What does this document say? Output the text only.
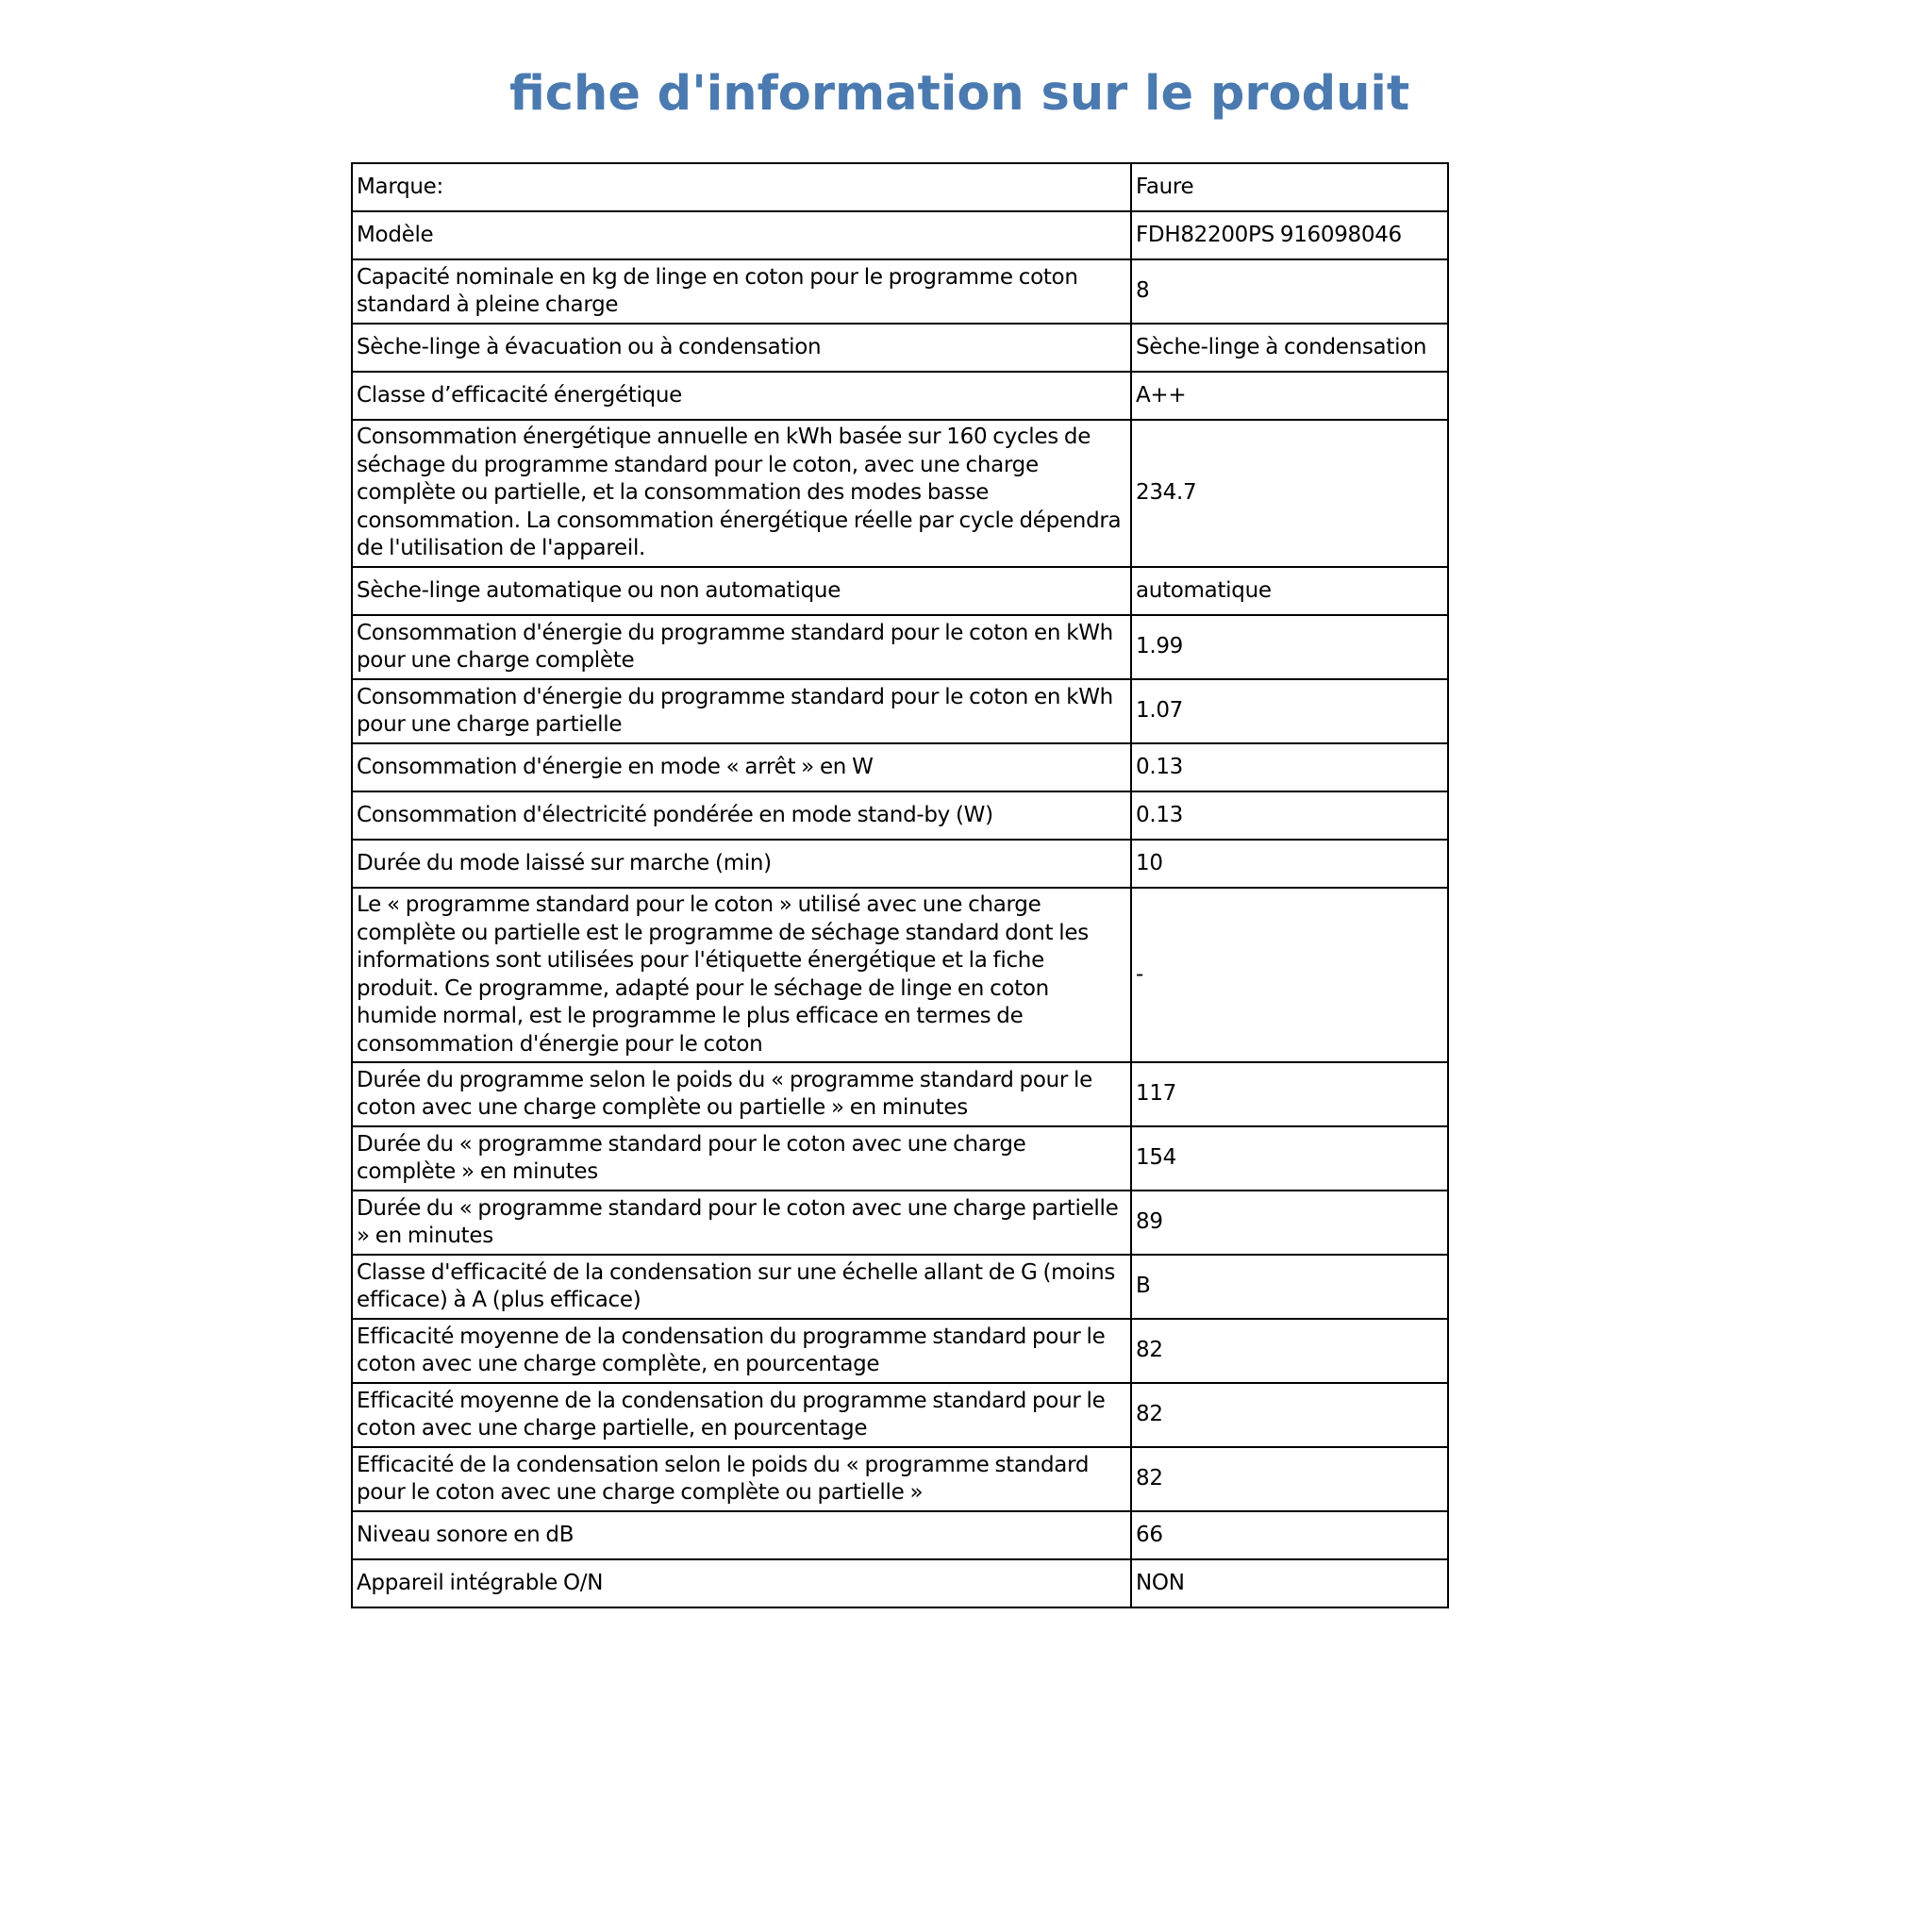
fiche d'information sur le produit
Marque:	Faure
Modèle	FDH82200PS 916098046
Capacité nominale en kg de linge en coton pour le programme coton standard à pleine charge	8
Sèche-linge à évacuation ou à condensation	Sèche-linge à condensation
Classe d’efficacité énergétique	A++
Consommation énergétique annuelle en kWh basée sur 160 cycles de séchage du programme standard pour le coton, avec une charge complète ou partielle, et la consommation des modes basse consommation. La consommation énergétique réelle par cycle dépendra de l'utilisation de l'appareil.	234.7
Sèche-linge automatique ou non automatique	automatique
Consommation d'énergie du programme standard pour le coton en kWh pour une charge complète	1.99
Consommation d'énergie du programme standard pour le coton en kWh pour une charge partielle	1.07
Consommation d'énergie en mode « arrêt » en W	0.13
Consommation d'électricité pondérée en mode stand-by (W)	0.13
Durée du mode laissé sur marche (min)	10
Le « programme standard pour le coton » utilisé avec une charge complète ou partielle est le programme de séchage standard dont les informations sont utilisées pour l'étiquette énergétique et la fiche produit. Ce programme, adapté pour le séchage de linge en coton humide normal, est le programme le plus efficace en termes de consommation d'énergie pour le coton	-
Durée du programme selon le poids du « programme standard pour le coton avec une charge complète ou partielle » en minutes	117
Durée du « programme standard pour le coton avec une charge complète » en minutes	154
Durée du « programme standard pour le coton avec une charge partielle » en minutes	89
Classe d'efficacité de la condensation sur une échelle allant de G (moins efficace) à A (plus efficace)	B
Efficacité moyenne de la condensation du programme standard pour le coton avec une charge complète, en pourcentage	82
Efficacité moyenne de la condensation du programme standard pour le coton avec une charge partielle, en pourcentage	82
Efficacité de la condensation selon le poids du « programme standard pour le coton avec une charge complète ou partielle »	82
Niveau sonore en dB	66
Appareil intégrable O/N	NON
